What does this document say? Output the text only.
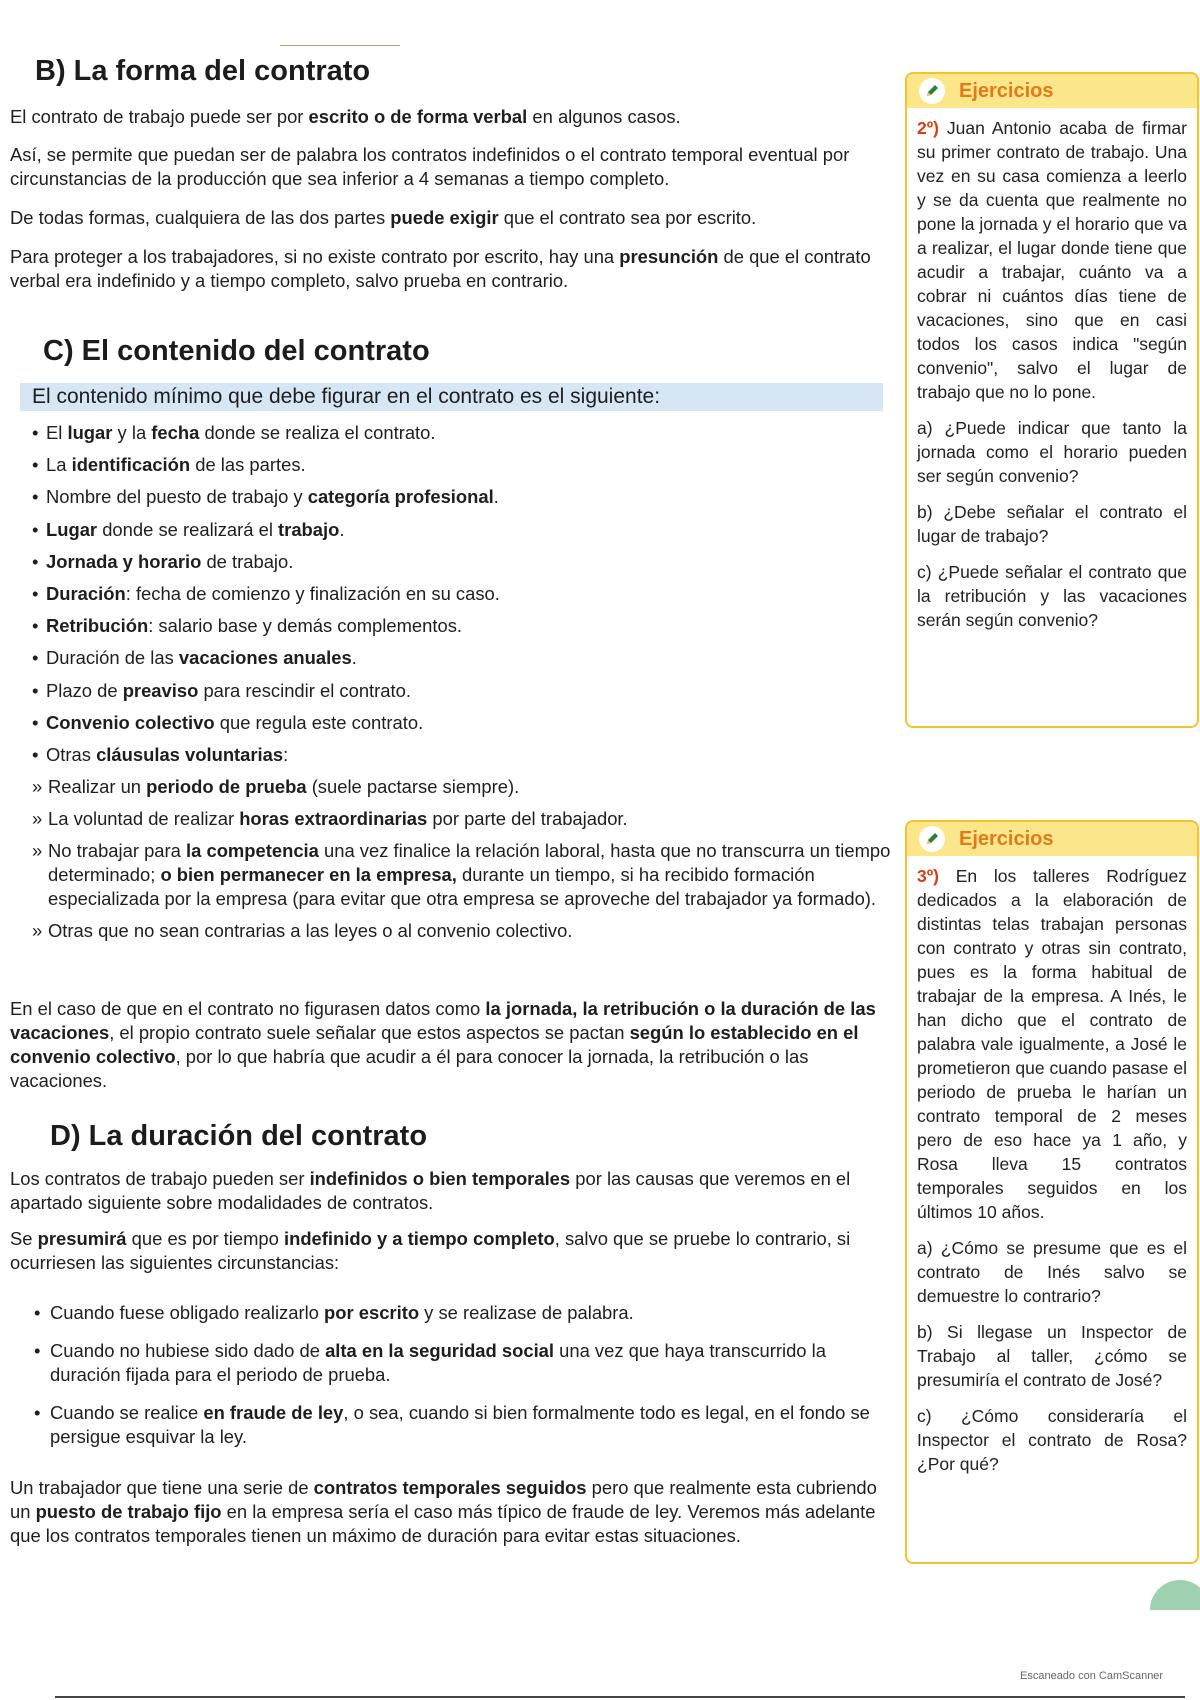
B) La forma del contrato

El contrato de trabajo puede ser por escrito o de forma verbal en algunos casos.

Así, se permite que puedan ser de palabra los contratos indefinidos o el contrato temporal eventual por circunstancias de la producción que sea inferior a 4 semanas a tiempo completo.

De todas formas, cualquiera de las dos partes puede exigir que el contrato sea por escrito.

Para proteger a los trabajadores, si no existe contrato por escrito, hay una presunción de que el contrato verbal era indefinido y a tiempo completo, salvo prueba en contrario.

C) El contenido del contrato
El contenido mínimo que debe figurar en el contrato es el siguiente:
• El lugar y la fecha donde se realiza el contrato.
• La identificación de las partes.
• Nombre del puesto de trabajo y categoría profesional.
• Lugar donde se realizará el trabajo.
• Jornada y horario de trabajo.
• Duración: fecha de comienzo y finalización en su caso.
• Retribución: salario base y demás complementos.
• Duración de las vacaciones anuales.
• Plazo de preaviso para rescindir el contrato.
• Convenio colectivo que regula este contrato.
• Otras cláusulas voluntarias:
» Realizar un periodo de prueba (suele pactarse siempre).
» La voluntad de realizar horas extraordinarias por parte del trabajador.
» No trabajar para la competencia una vez finalice la relación laboral, hasta que no transcurra un tiempo determinado; o bien permanecer en la empresa, durante un tiempo, si ha recibido formación especializada por la empresa (para evitar que otra empresa se aproveche del trabajador ya formado).
» Otras que no sean contrarias a las leyes o al convenio colectivo.

En el caso de que en el contrato no figurasen datos como la jornada, la retribución o la duración de las vacaciones, el propio contrato suele señalar que estos aspectos se pactan según lo establecido en el convenio colectivo, por lo que habría que acudir a él para conocer la jornada, la retribución o las vacaciones.

D) La duración del contrato

Los contratos de trabajo pueden ser indefinidos o bien temporales por las causas que veremos en el apartado siguiente sobre modalidades de contratos.

Se presumirá que es por tiempo indefinido y a tiempo completo, salvo que se pruebe lo contrario, si ocurriesen las siguientes circunstancias:

• Cuando fuese obligado realizarlo por escrito y se realizase de palabra.
• Cuando no hubiese sido dado de alta en la seguridad social una vez que haya transcurrido la duración fijada para el periodo de prueba.
• Cuando se realice en fraude de ley, o sea, cuando si bien formalmente todo es legal, en el fondo se persigue esquivar la ley.

Un trabajador que tiene una serie de contratos temporales seguidos pero que realmente esta cubriendo un puesto de trabajo fijo en la empresa sería el caso más típico de fraude de ley. Veremos más adelante que los contratos temporales tienen un máximo de duración para evitar estas situaciones.

Ejercicios

2º) Juan Antonio acaba de firmar su primer contrato de trabajo. Una vez en su casa comienza a leerlo y se da cuenta que realmente no pone la jornada y el horario que va a realizar, el lugar donde tiene que acudir a trabajar, cuánto va a cobrar ni cuántos días tiene de vacaciones, sino que en casi todos los casos indica "según convenio", salvo el lugar de trabajo que no lo pone.

a) ¿Puede indicar que tanto la jornada como el horario pueden ser según convenio?

b) ¿Debe señalar el contrato el lugar de trabajo?

c) ¿Puede señalar el contrato que la retribución y las vacaciones serán según convenio?

Ejercicios

3º) En los talleres Rodríguez dedicados a la elaboración de distintas telas trabajan personas con contrato y otras sin contrato, pues es la forma habitual de trabajar de la empresa. A Inés, le han dicho que el contrato de palabra vale igualmente, a José le prometieron que cuando pasase el periodo de prueba le harían un contrato temporal de 2 meses pero de eso hace ya 1 año, y Rosa lleva 15 contratos temporales seguidos en los últimos 10 años.

a) ¿Cómo se presume que es el contrato de Inés salvo se demuestre lo contrario?

b) Si llegase un Inspector de Trabajo al taller, ¿cómo se presumiría el contrato de José?

c) ¿Cómo consideraría el Inspector el contrato de Rosa? ¿Por qué?

Escaneado con CamScanner
